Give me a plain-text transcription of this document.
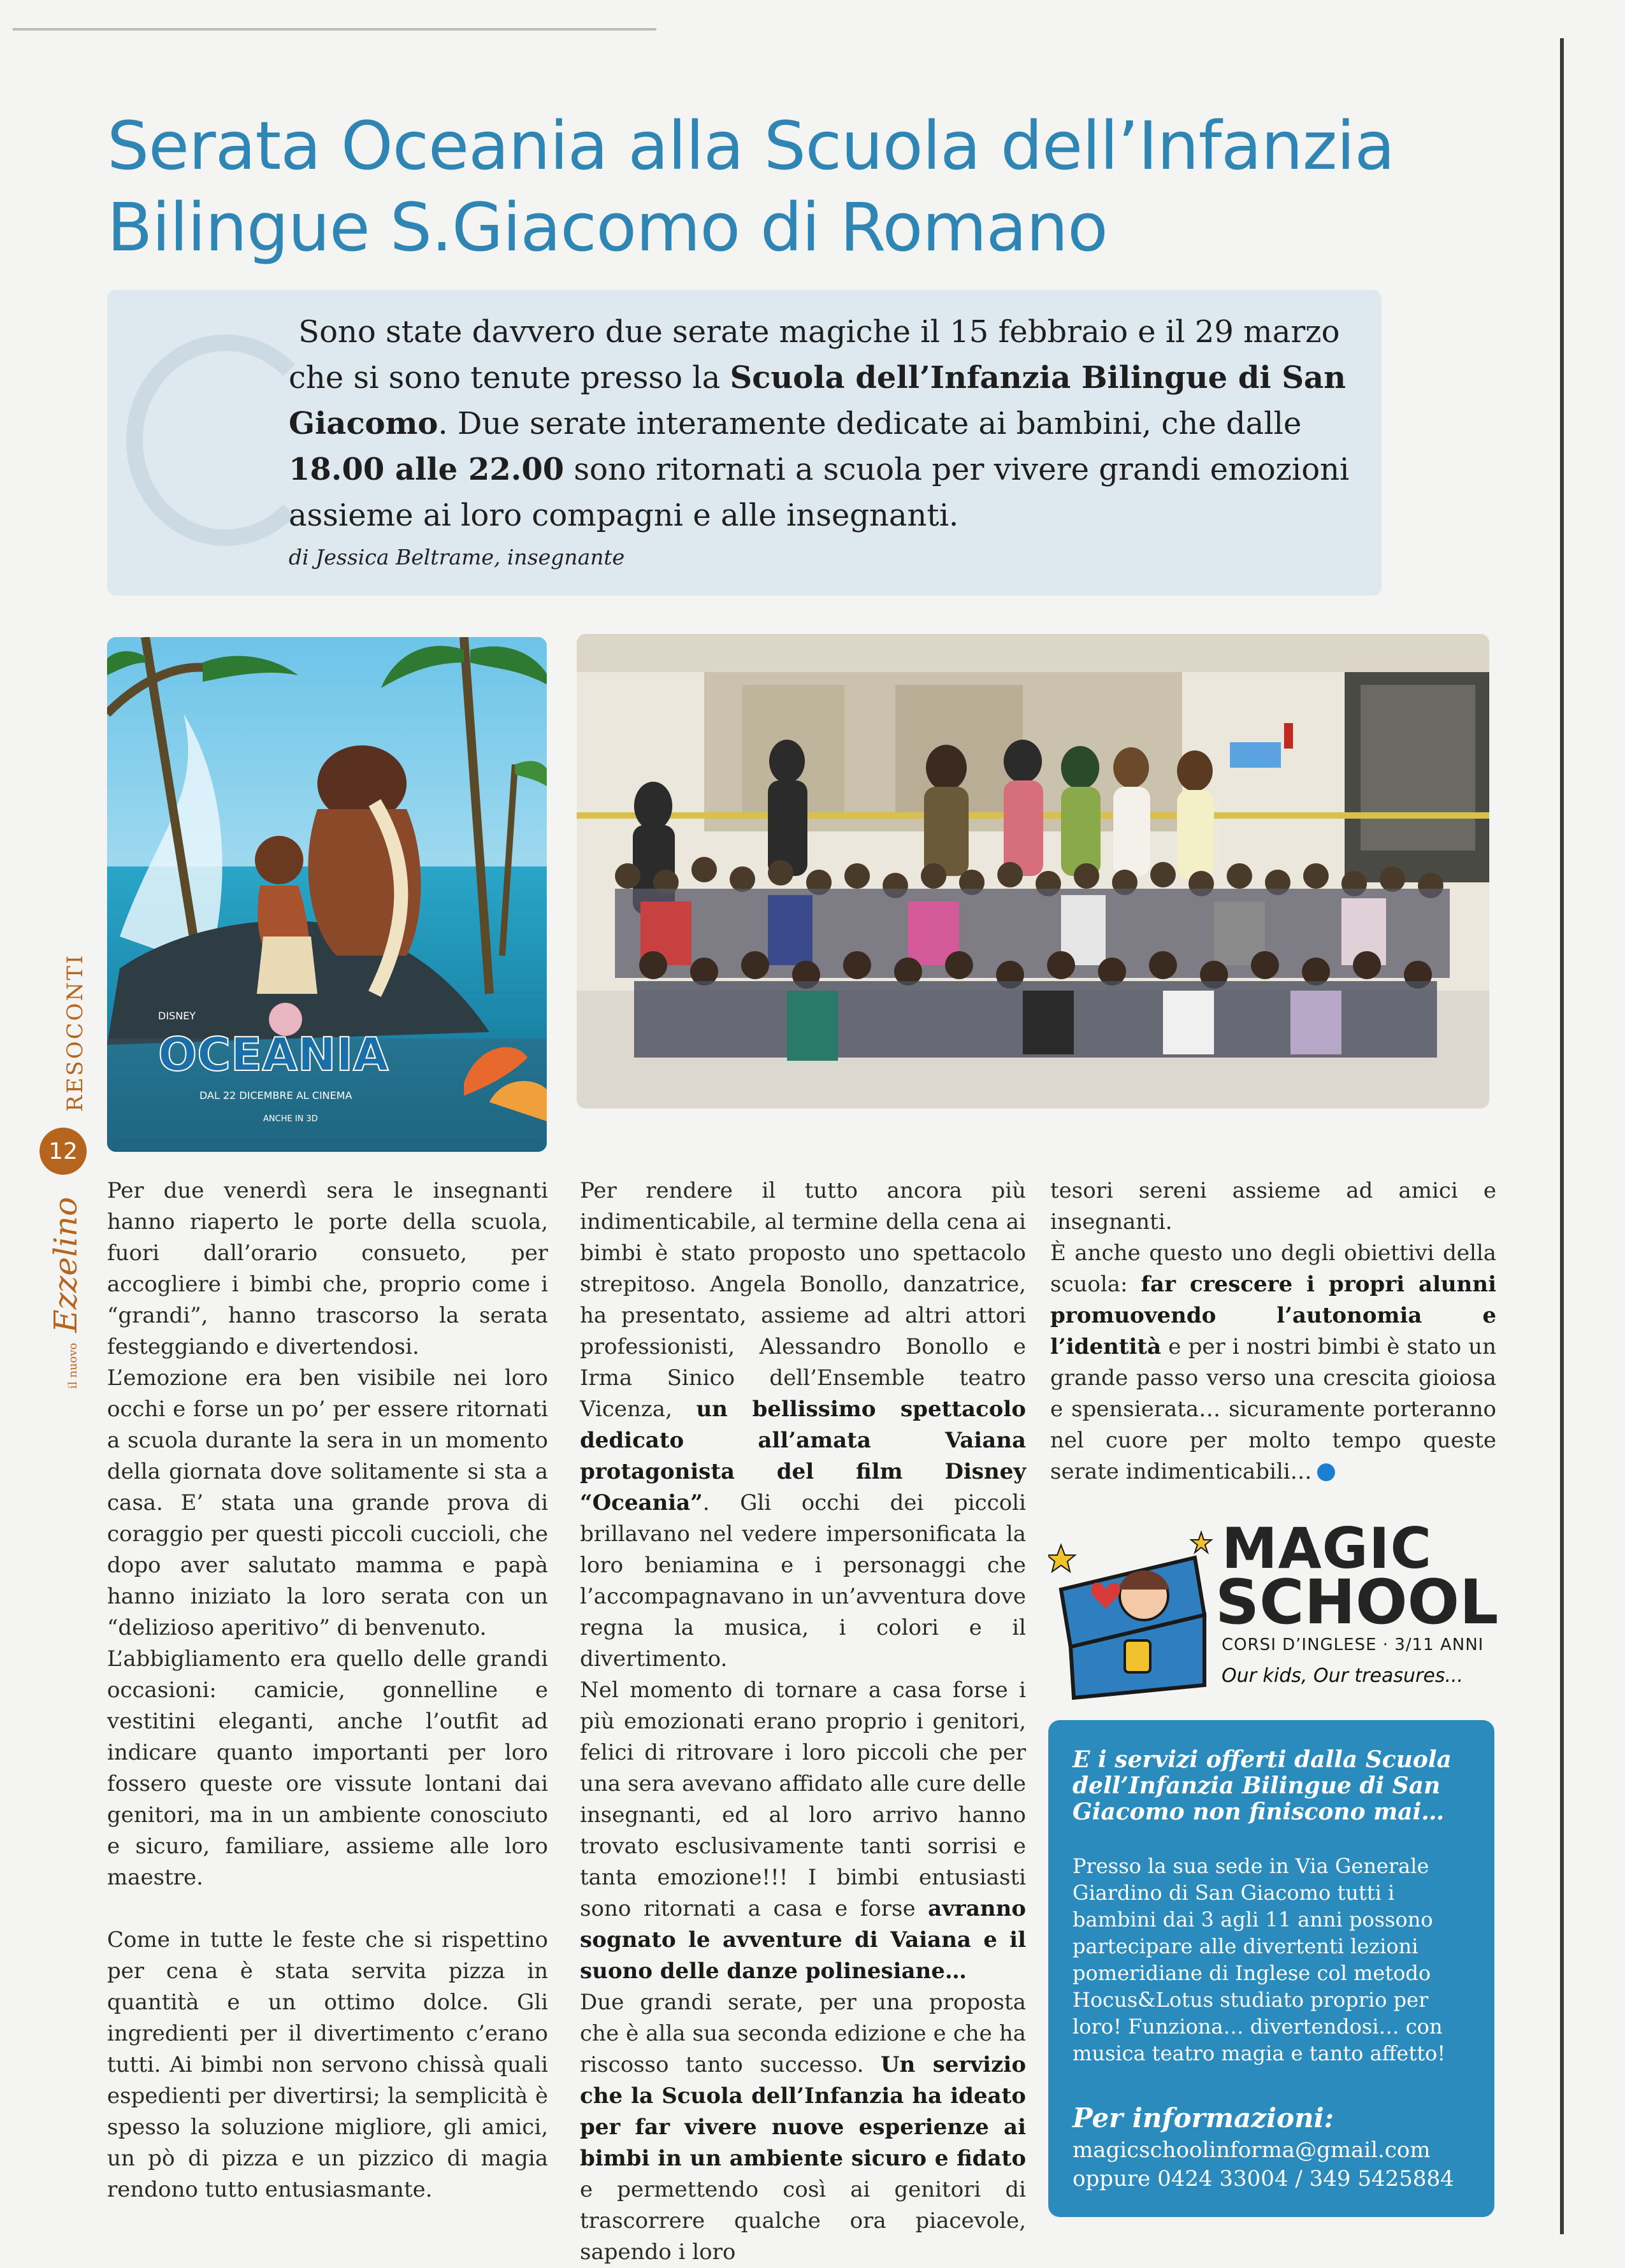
Serata Oceania alla Scuola dell’Infanzia Bilingue S.Giacomo di Romano
Sono state davvero due serate magiche il 15 febbraio e il 29 marzo che si sono tenute presso la Scuola dell’Infanzia Bilingue di San Giacomo. Due serate interamente dedicate ai bambini, che dalle 18.00 alle 22.00 sono ritornati a scuola per vivere grandi emozioni assieme ai loro compagni e alle insegnanti.
di Jessica Beltrame, insegnante
DISNEY
OCEANIA
DAL 22 DICEMBRE AL CINEMA
ANCHE IN 3D
RESOCONTI
12
il nuovo Ezzelino

Per due venerdì sera le insegnanti hanno riaperto le porte della scuola, fuori dall’orario consueto, per accogliere i bimbi che, proprio come i “grandi”, hanno trascorso la serata festeggiando e divertendosi.

L’emozione era ben visibile nei loro occhi e forse un po’ per essere ritornati a scuola durante la sera in un momento della giornata dove solitamente si sta a casa. E’ stata una grande prova di coraggio per questi piccoli cuccioli, che dopo aver salutato mamma e papà hanno iniziato la loro serata con un “delizioso aperitivo” di benvenuto.

L’abbigliamento era quello delle grandi occasioni: camicie, gonnelline e vestitini eleganti, anche l’outfit ad indicare quanto importanti per loro fossero queste ore vissute lontani dai genitori, ma in un ambiente conosciuto e sicuro, familiare, assieme alle loro maestre.

Come in tutte le feste che si rispettino per cena è stata servita pizza in quantità e un ottimo dolce. Gli ingredienti per il divertimento c’erano tutti. Ai bimbi non servono chissà quali espedienti per divertirsi; la semplicità è spesso la soluzione migliore, gli amici, un pò di pizza e un pizzico di magia rendono tutto entusiasmante.

Per rendere il tutto ancora più indimenticabile, al termine della cena ai bimbi è stato proposto uno spettacolo strepitoso. Angela Bonollo, danzatrice, ha presentato, assieme ad altri attori professionisti, Alessandro Bonollo e Irma Sinico dell’Ensemble teatro Vicenza, un bellissimo spettacolo dedicato all’amata Vaiana protagonista del film Disney “Oceania”. Gli occhi dei piccoli brillavano nel vedere impersonificata la loro beniamina e i personaggi che l’accompagnavano in un’avventura dove regna la musica, i colori e il divertimento.

Nel momento di tornare a casa forse i più emozionati erano proprio i genitori, felici di ritrovare i loro piccoli che per una sera avevano affidato alle cure delle insegnanti, ed al loro arrivo hanno trovato esclusivamente tanti sorrisi e tanta emozione!!! I bimbi entusiasti sono ritornati a casa e forse avranno sognato le avventure di Vaiana e il suono delle danze polinesiane…

Due grandi serate, per una proposta che è alla sua seconda edizione e che ha riscosso tanto successo. Un servizio che la Scuola dell’Infanzia ha ideato per far vivere nuove esperienze ai bimbi in un ambiente sicuro e fidato e permettendo così ai genitori di trascorrere qualche ora piacevole, sapendo i loro

tesori sereni assieme ad amici e insegnanti.

È anche questo uno degli obiettivi della scuola: far crescere i propri alunni promuovendo l’autonomia e l’identità e per i nostri bimbi è stato un grande passo verso una crescita gioiosa e spensierata… sicuramente porteranno nel cuore per molto tempo queste serate indimenticabili…

MAGIC
SCHOOL
CORSI D’INGLESE · 3/11 ANNI
Our kids, Our treasures...
E i servizi offerti dalla Scuola dell’Infanzia Bilingue di San Giacomo non finiscono mai…
Presso la sua sede in Via Generale Giardino di San Giacomo tutti i bambini dai 3 agli 11 anni possono partecipare alle divertenti lezioni pomeridiane di Inglese col metodo Hocus&Lotus studiato proprio per loro! Funziona… divertendosi… con musica teatro magia e tanto affetto!
Per informazioni:
magicschoolinforma@gmail.com
oppure 0424 33004 / 349 5425884
